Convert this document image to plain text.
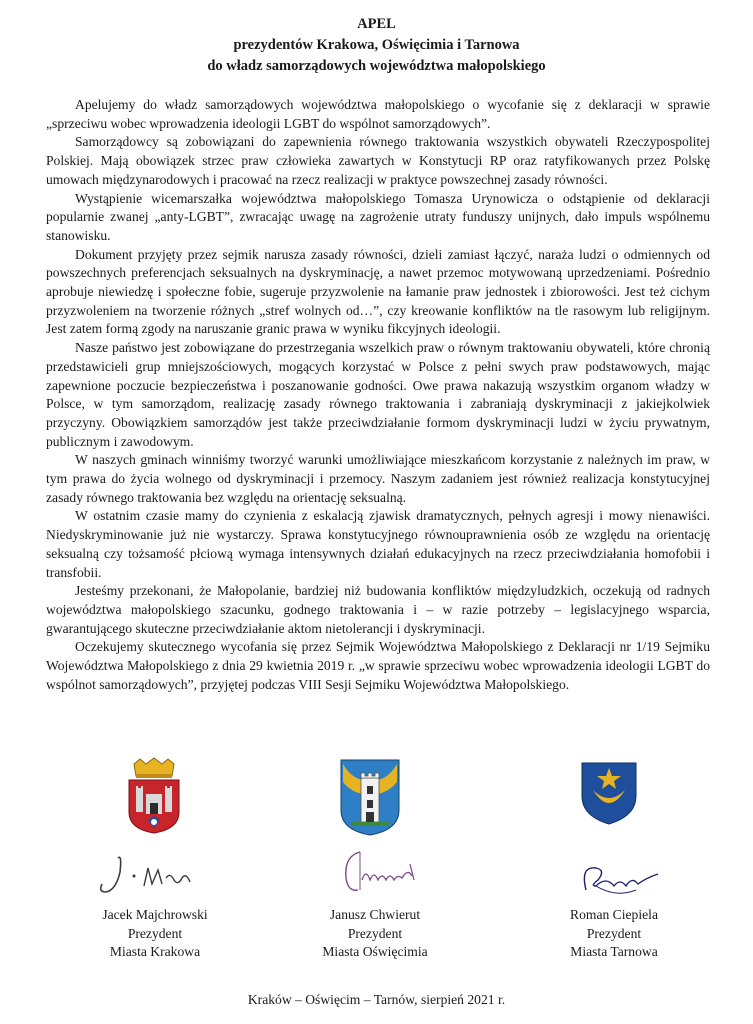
APEL
prezydentów Krakowa, Oświęcimia i Tarnowa
do władz samorządowych województwa małopolskiego

Apelujemy do władz samorządowych województwa małopolskiego o wycofanie się z deklaracji w sprawie „sprzeciwu wobec wprowadzenia ideologii LGBT do wspólnot samorządowych”.

Samorządowcy są zobowiązani do zapewnienia równego traktowania wszystkich obywateli Rzeczypospolitej Polskiej. Mają obowiązek strzec praw człowieka zawartych w Konstytucji RP oraz ratyfikowanych przez Polskę umowach międzynarodowych i pracować na rzecz realizacji w praktyce powszechnej zasady równości.

Wystąpienie wicemarszałka województwa małopolskiego Tomasza Urynowicza o odstąpienie od deklaracji popularnie zwanej „anty-LGBT”, zwracając uwagę na zagrożenie utraty funduszy unijnych, dało impuls wspólnemu stanowisku.

Dokument przyjęty przez sejmik narusza zasady równości, dzieli zamiast łączyć, naraża ludzi o odmiennych od powszechnych preferencjach seksualnych na dyskryminację, a nawet przemoc motywowaną uprzedzeniami. Pośrednio aprobuje niewiedzę i społeczne fobie, sugeruje przyzwolenie na łamanie praw jednostek i zbiorowości. Jest też cichym przyzwoleniem na tworzenie różnych „stref wolnych od…”, czy kreowanie konfliktów na tle rasowym lub religijnym. Jest zatem formą zgody na naruszanie granic prawa w wyniku fikcyjnych ideologii.

Nasze państwo jest zobowiązane do przestrzegania wszelkich praw o równym traktowaniu obywateli, które chronią przedstawicieli grup mniejszościowych, mogących korzystać w Polsce z pełni swych praw podstawowych, mając zapewnione poczucie bezpieczeństwa i poszanowanie godności. Owe prawa nakazują wszystkim organom władzy w Polsce, w tym samorządom, realizację zasady równego traktowania i zabraniają dyskryminacji z jakiejkolwiek przyczyny. Obowiązkiem samorządów jest także przeciwdziałanie formom dyskryminacji ludzi w życiu prywatnym, publicznym i zawodowym.

W naszych gminach winniśmy tworzyć warunki umożliwiające mieszkańcom korzystanie z należnych im praw, w tym prawa do życia wolnego od dyskryminacji i przemocy. Naszym zadaniem jest również realizacja konstytucyjnej zasady równego traktowania bez względu na orientację seksualną.

W ostatnim czasie mamy do czynienia z eskalacją zjawisk dramatycznych, pełnych agresji i mowy nienawiści. Niedyskryminowanie już nie wystarczy. Sprawa konstytucyjnego równouprawnienia osób ze względu na orientację seksualną czy tożsamość płciową wymaga intensywnych działań edukacyjnych na rzecz przeciwdziałania homofobii i transfobii.

Jesteśmy przekonani, że Małopolanie, bardziej niż budowania konfliktów międzyludzkich, oczekują od radnych województwa małopolskiego szacunku, godnego traktowania i – w razie potrzeby – legislacyjnego wsparcia, gwarantującego skuteczne przeciwdziałanie aktom nietolerancji i dyskryminacji.

Oczekujemy skutecznego wycofania się przez Sejmik Województwa Małopolskiego z Deklaracji nr 1/19 Sejmiku Województwa Małopolskiego z dnia 29 kwietnia 2019 r. „w sprawie sprzeciwu wobec wprowadzenia ideologii LGBT do wspólnot samorządowych”, przyjętej podczas VIII Sesji Sejmiku Województwa Małopolskiego.

Jacek Majchrowski
Prezydent
Miasta Krakowa
Janusz Chwierut
Prezydent
Miasta Oświęcimia
Roman Ciepiela
Prezydent
Miasta Tarnowa
Kraków – Oświęcim – Tarnów, sierpień 2021 r.
